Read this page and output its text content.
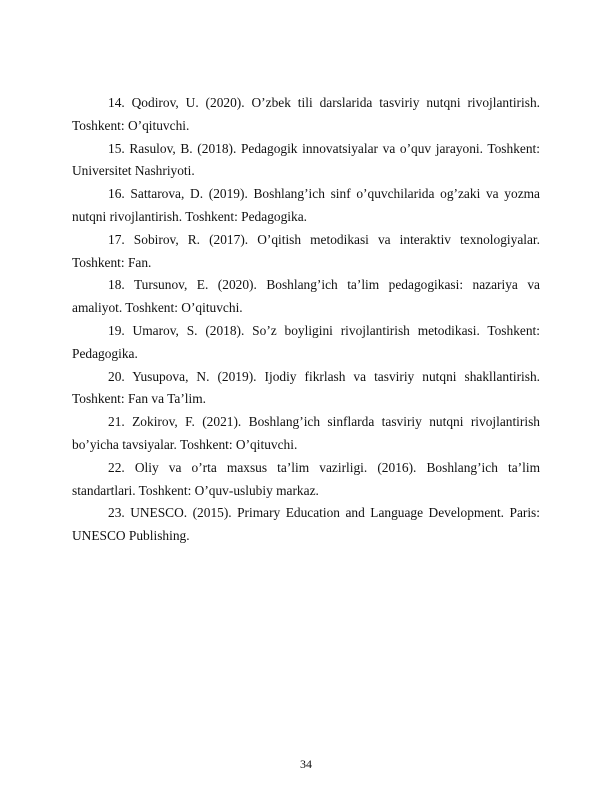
14. Qodirov, U. (2020). O’zbek tili darslarida tasviriy nutqni rivojlantirish. Toshkent: O’qituvchi.

15. Rasulov, B. (2018). Pedagogik innovatsiyalar va o’quv jarayoni. Toshkent: Universitet Nashriyoti.

16. Sattarova, D. (2019). Boshlang’ich sinf o’quvchilarida og’zaki va yozma nutqni rivojlantirish. Toshkent: Pedagogika.

17. Sobirov, R. (2017). O’qitish metodikasi va interaktiv texnologiyalar. Toshkent: Fan.

18. Tursunov, E. (2020). Boshlang’ich ta’lim pedagogikasi: nazariya va amaliyot. Toshkent: O’qituvchi.

19. Umarov, S. (2018). So’z boyligini rivojlantirish metodikasi. Toshkent: Pedagogika.

20. Yusupova, N. (2019). Ijodiy fikrlash va tasviriy nutqni shakllantirish. Toshkent: Fan va Ta’lim.

21. Zokirov, F. (2021). Boshlang’ich sinflarda tasviriy nutqni rivojlantirish bo’yicha tavsiyalar. Toshkent: O’qituvchi.

22. Oliy va o’rta maxsus ta’lim vazirligi. (2016). Boshlang’ich ta’lim standartlari. Toshkent: O’quv-uslubiy markaz.

23. UNESCO. (2015). Primary Education and Language Development. Paris: UNESCO Publishing.

34
